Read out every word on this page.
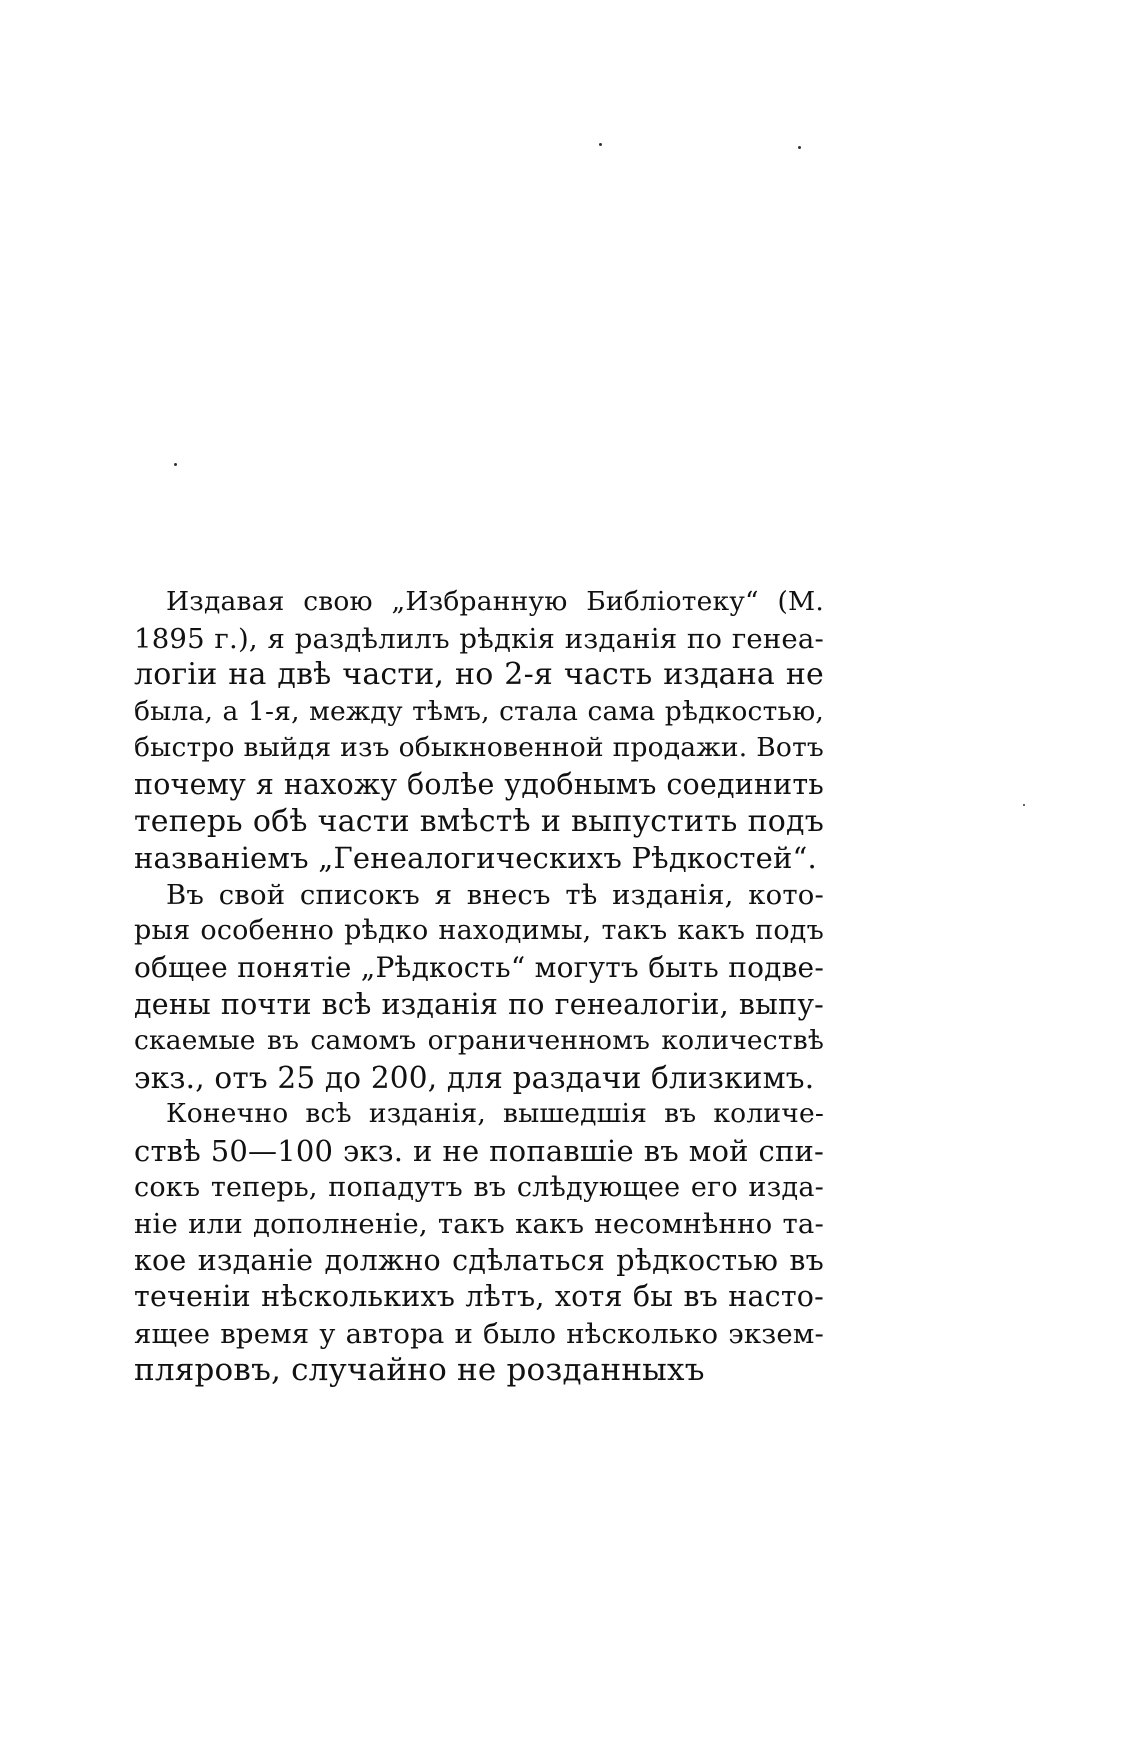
Издавая свою „Избранную Библіотеку“ (М.
1895 г.), я раздѣлилъ рѣдкія изданія по генеа-
логіи на двѣ части, но 2-я часть издана не
была, а 1-я, между тѣмъ, стала сама рѣдкостью,
быстро выйдя изъ обыкновенной продажи. Вотъ
почему я нахожу болѣе удобнымъ соединить
теперь обѣ части вмѣстѣ и выпустить подъ
названіемъ „Генеалогическихъ Рѣдкостей“.
Въ свой списокъ я внесъ тѣ изданія, кото-
рыя особенно рѣдко находимы, такъ какъ подъ
общее понятіе „Рѣдкость“ могутъ быть подве-
дены почти всѣ изданія по генеалогіи, выпу-
скаемые въ самомъ ограниченномъ количествѣ
экз., отъ 25 до 200, для раздачи близкимъ.
Конечно всѣ изданія, вышедшія въ количе-
ствѣ 50—100 экз. и не попавшіе въ мой спи-
сокъ теперь, попадутъ въ слѣдующее его изда-
ніе или дополненіе, такъ какъ несомнѣнно та-
кое изданіе должно сдѣлаться рѣдкостью въ
теченіи нѣсколькихъ лѣтъ, хотя бы въ насто-
ящее время у автора и было нѣсколько экзем-
пляровъ, случайно не розданныхъ
